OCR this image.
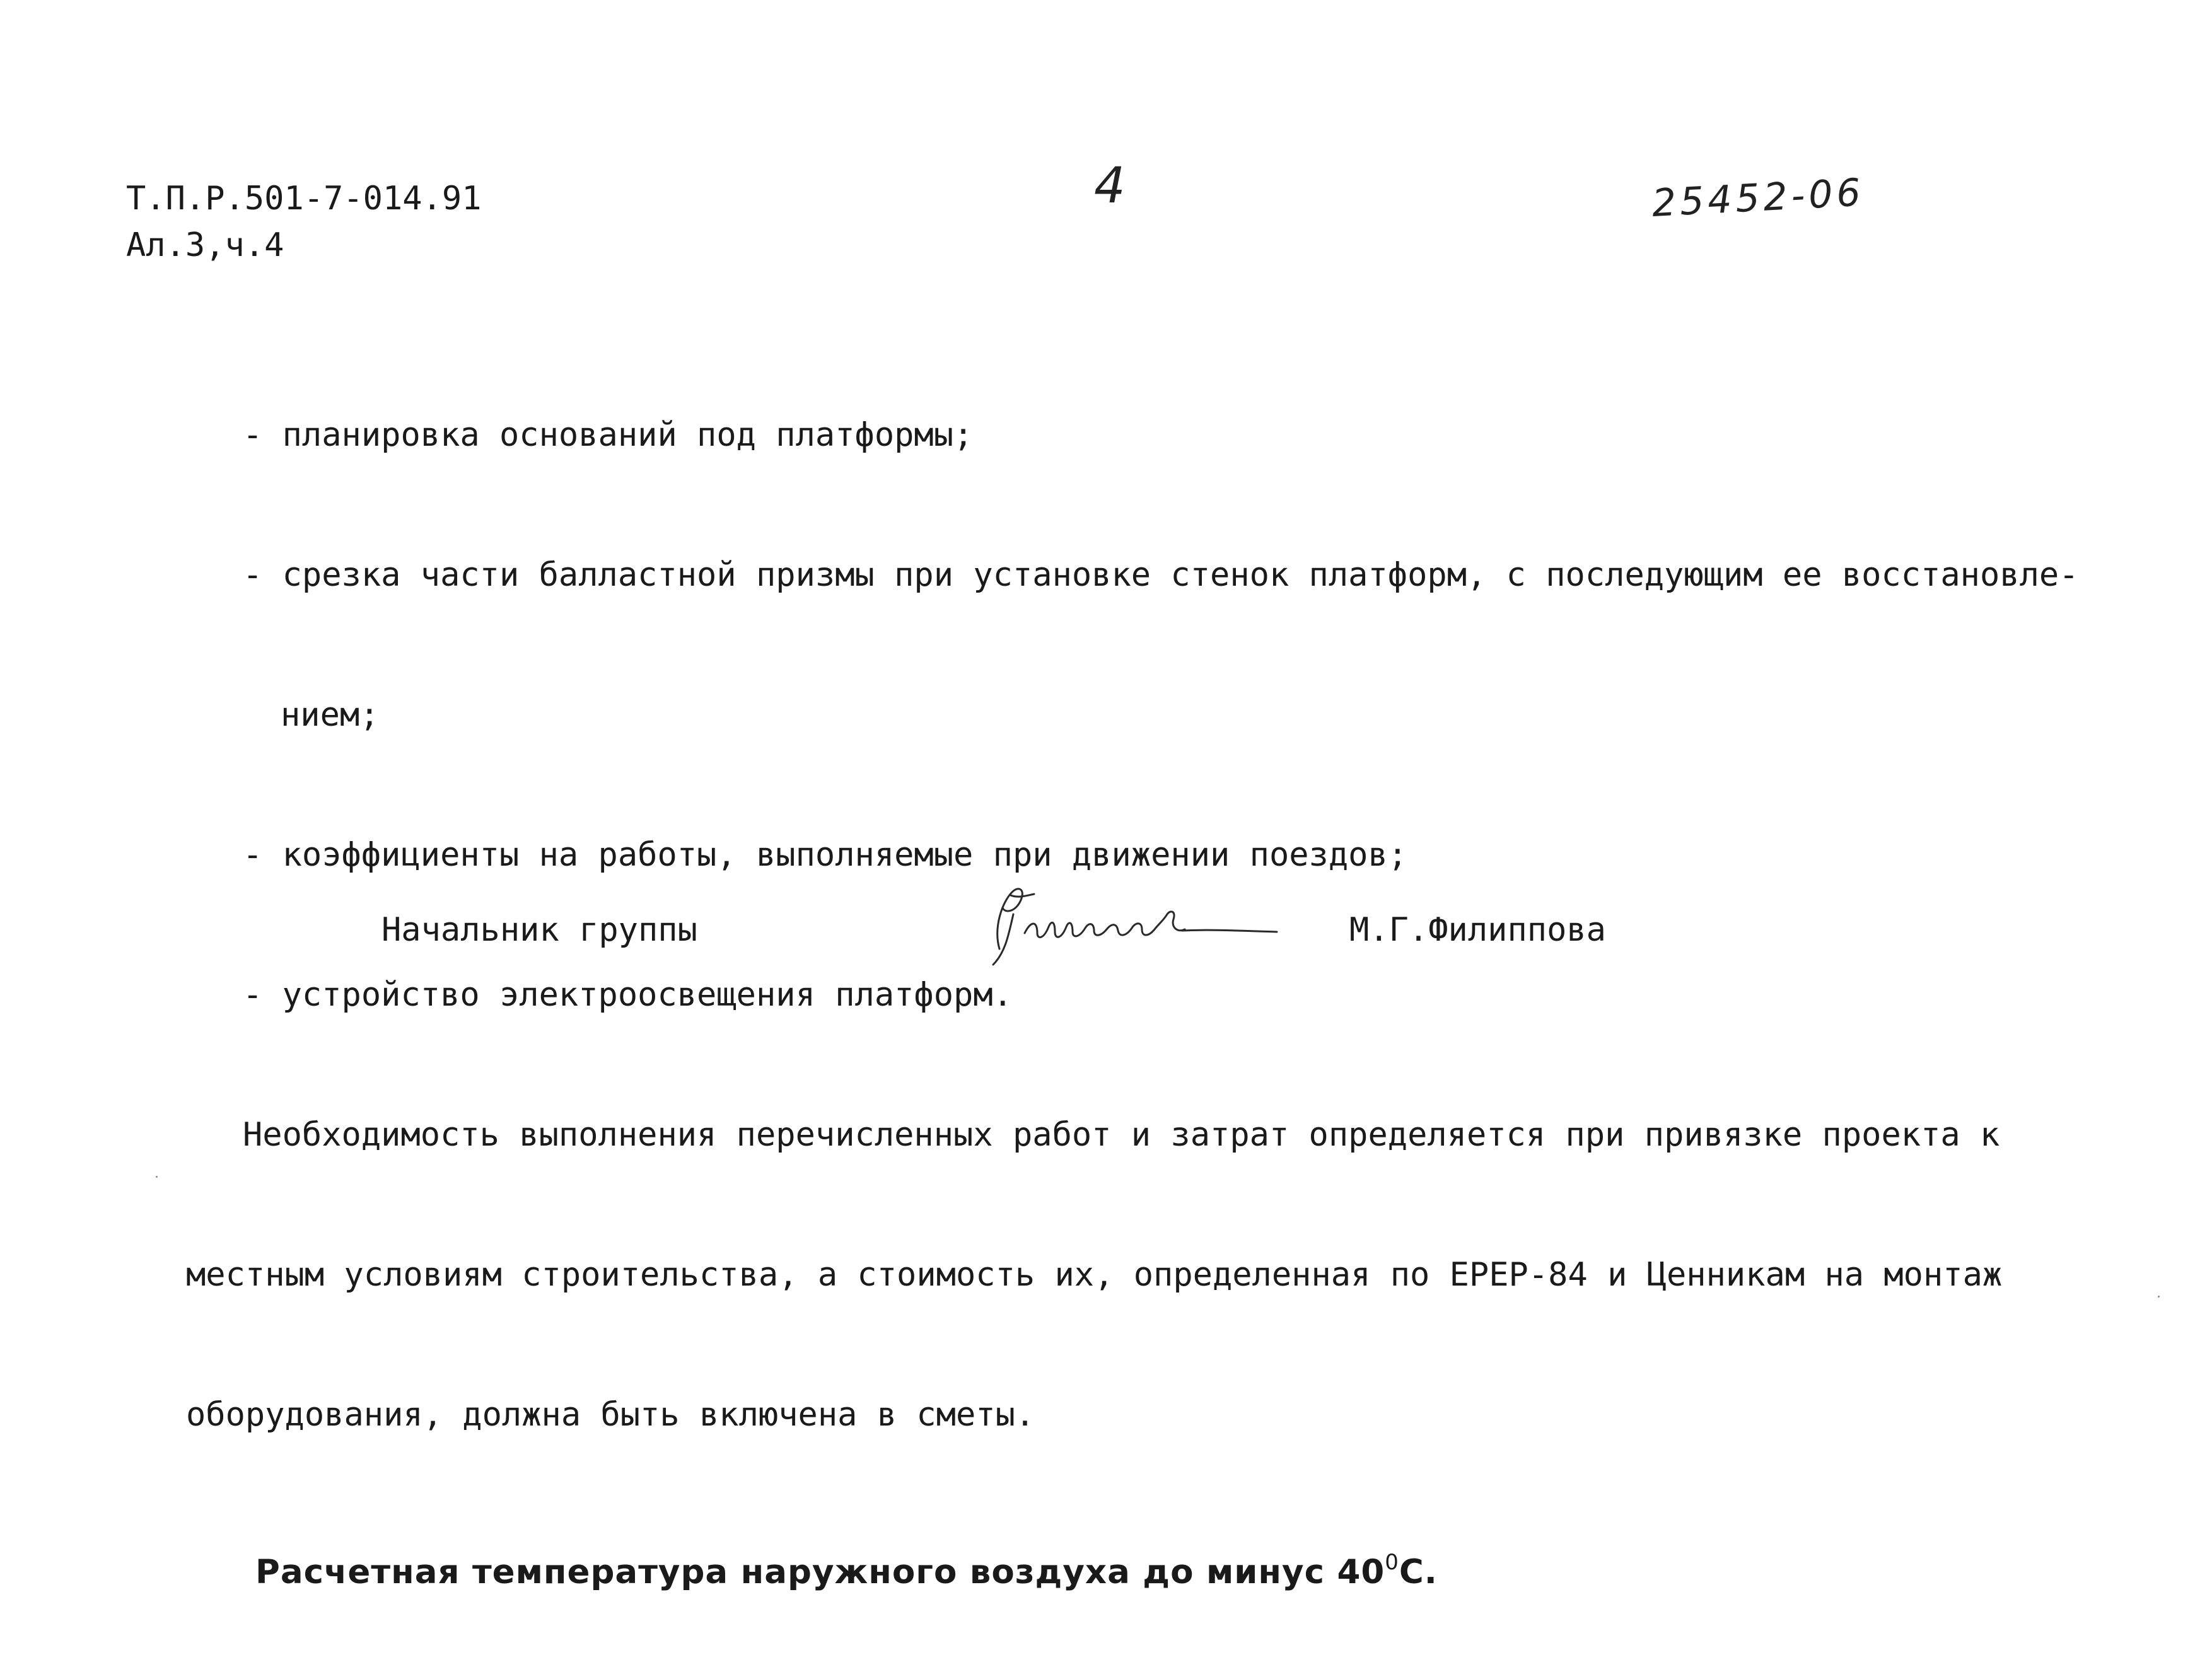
Т.П.Р.501-7-014.91
Ал.3,ч.4
4	25452-06

- планировка оснований под платформы;

- срезка части балластной призмы при установке стенок платформ, с последующим ее восстановле-

нием;

- коэффициенты на работы, выполняемые при движении поездов;

- устройство электроосвещения платформ.

Необходимость выполнения перечисленных работ и затрат определяется при привязке проекта к

местным условиям строительства, а стоимость их, определенная по ЕРЕР-84 и Ценникам на монтаж

оборудования, должна быть включена в сметы.

Расчетная температура наружного воздуха до минус $40^0С$.

Начальник группы	М.Г.Филиппова
